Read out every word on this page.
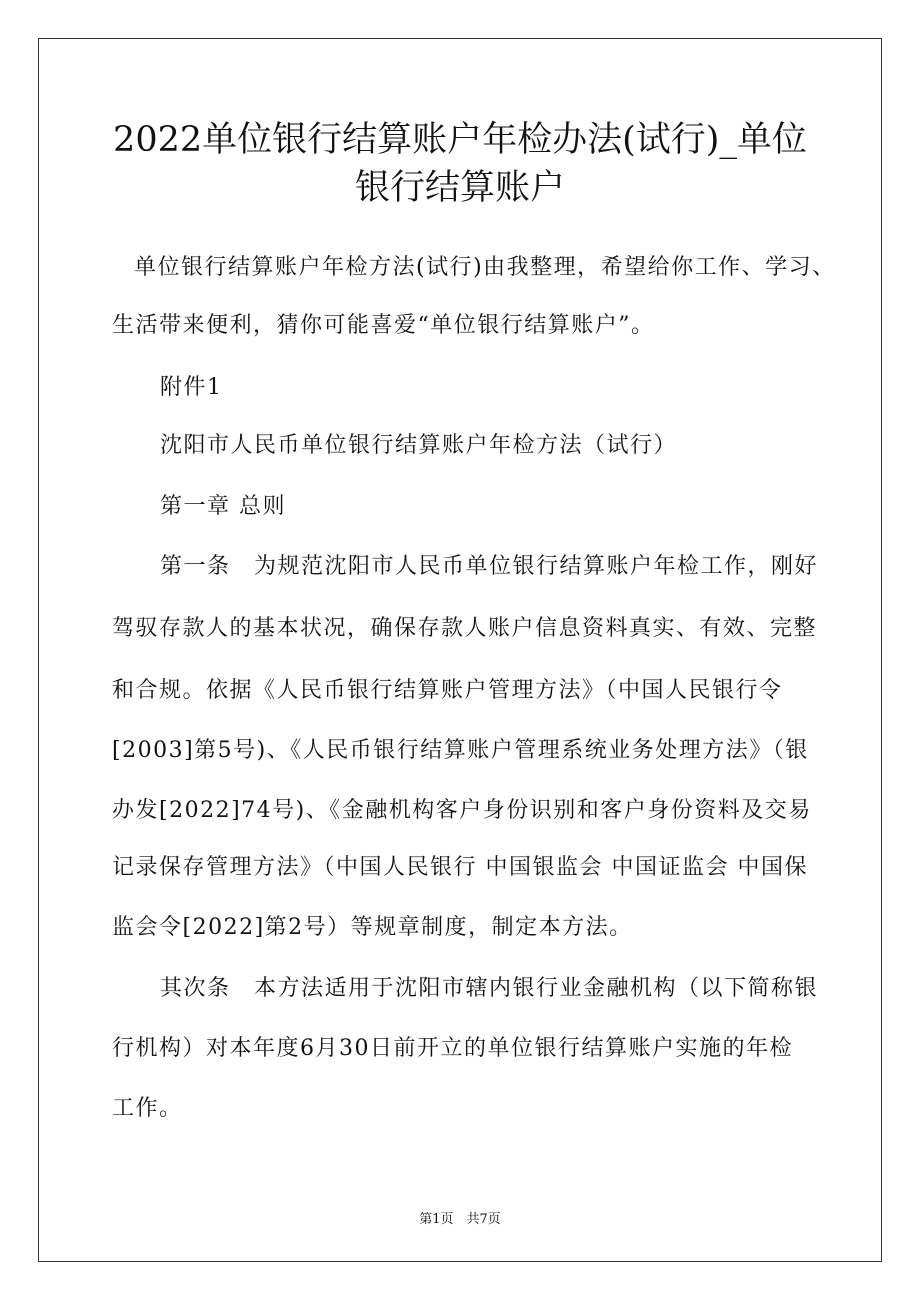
2022单位银行结算账户年检办法(试行)_单位
银行结算账户
单位银行结算账户年检方法(试行)由我整理，希望给你工作、学习、
生活带来便利，猜你可能喜爱“单位银行结算账户”。
附件1
沈阳市人民币单位银行结算账户年检方法（试行）
第一章 总则
第一条　为规范沈阳市人民币单位银行结算账户年检工作，刚好
驾驭存款人的基本状况，确保存款人账户信息资料真实、有效、完整
和合规。依据《人民币银行结算账户管理方法》（中国人民银行令
[2003]第5号)、《人民币银行结算账户管理系统业务处理方法》（银
办发[2022]74号)、《金融机构客户身份识别和客户身份资料及交易
记录保存管理方法》（中国人民银行 中国银监会 中国证监会 中国保
监会令[2022]第2号）等规章制度，制定本方法。
其次条　本方法适用于沈阳市辖内银行业金融机构（以下简称银
行机构）对本年度6月30日前开立的单位银行结算账户实施的年检
工作。
第1页　共7页
